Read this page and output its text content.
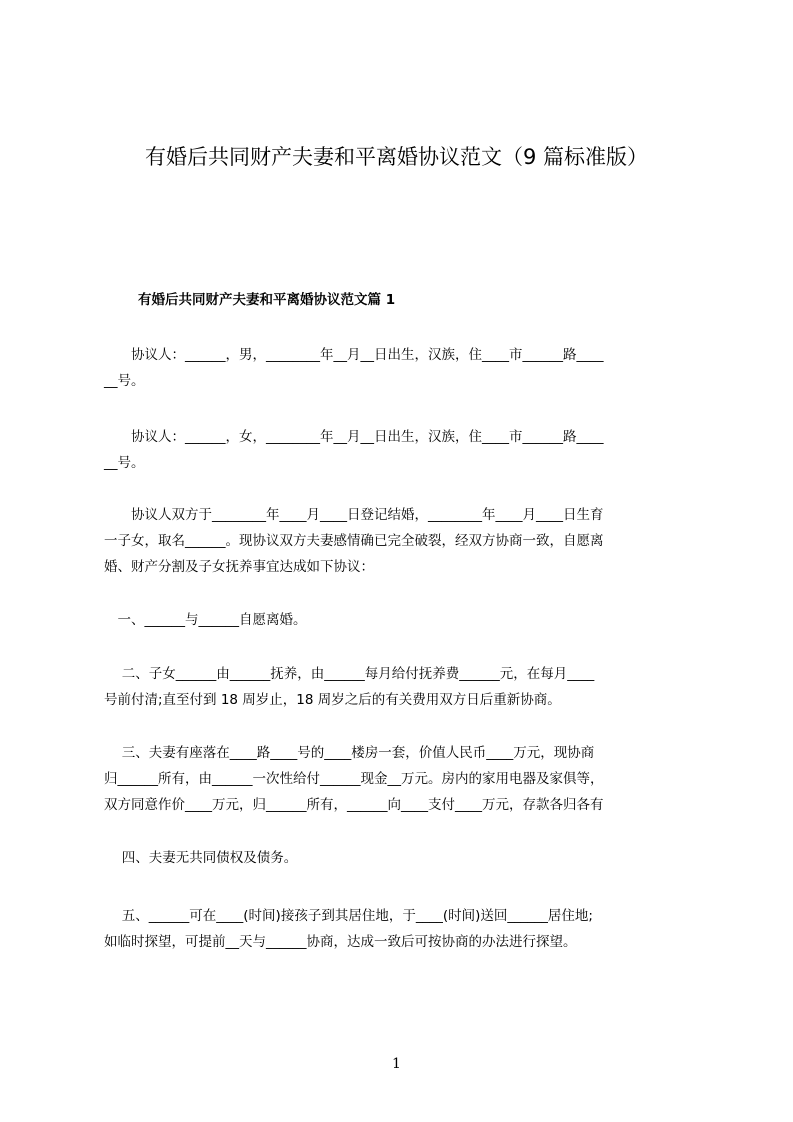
有婚后共同财产夫妻和平离婚协议范文（9 篇标准版）
有婚后共同财产夫妻和平离婚协议范文篇 1
　　协议人：______，男，________年__月__日出生，汉族，住____市______路____
__号。
　　协议人：______，女，________年__月__日出生，汉族，住____市______路____
__号。
　　协议人双方于________年____月____日登记结婚，________年____月____日生育
一子女，取名______。现协议双方夫妻感情确已完全破裂，经双方协商一致，自愿离
婚、财产分割及子女抚养事宜达成如下协议：
　一、______与______自愿离婚。
　 二、子女______由______抚养，由______每月给付抚养费______元，在每月____
号前付清;直至付到 18 周岁止，18 周岁之后的有关费用双方日后重新协商。
　 三、夫妻有座落在____路____号的____楼房一套，价值人民币____万元，现协商
归______所有，由______一次性给付______现金__万元。房内的家用电器及家俱等，
双方同意作价____万元，归______所有，______向____支付____万元，存款各归各有
　 四、夫妻无共同债权及债务。
　 五、______可在____(时间)接孩子到其居住地，于____(时间)送回______居住地;
如临时探望，可提前__天与______协商，达成一致后可按协商的办法进行探望。
1
